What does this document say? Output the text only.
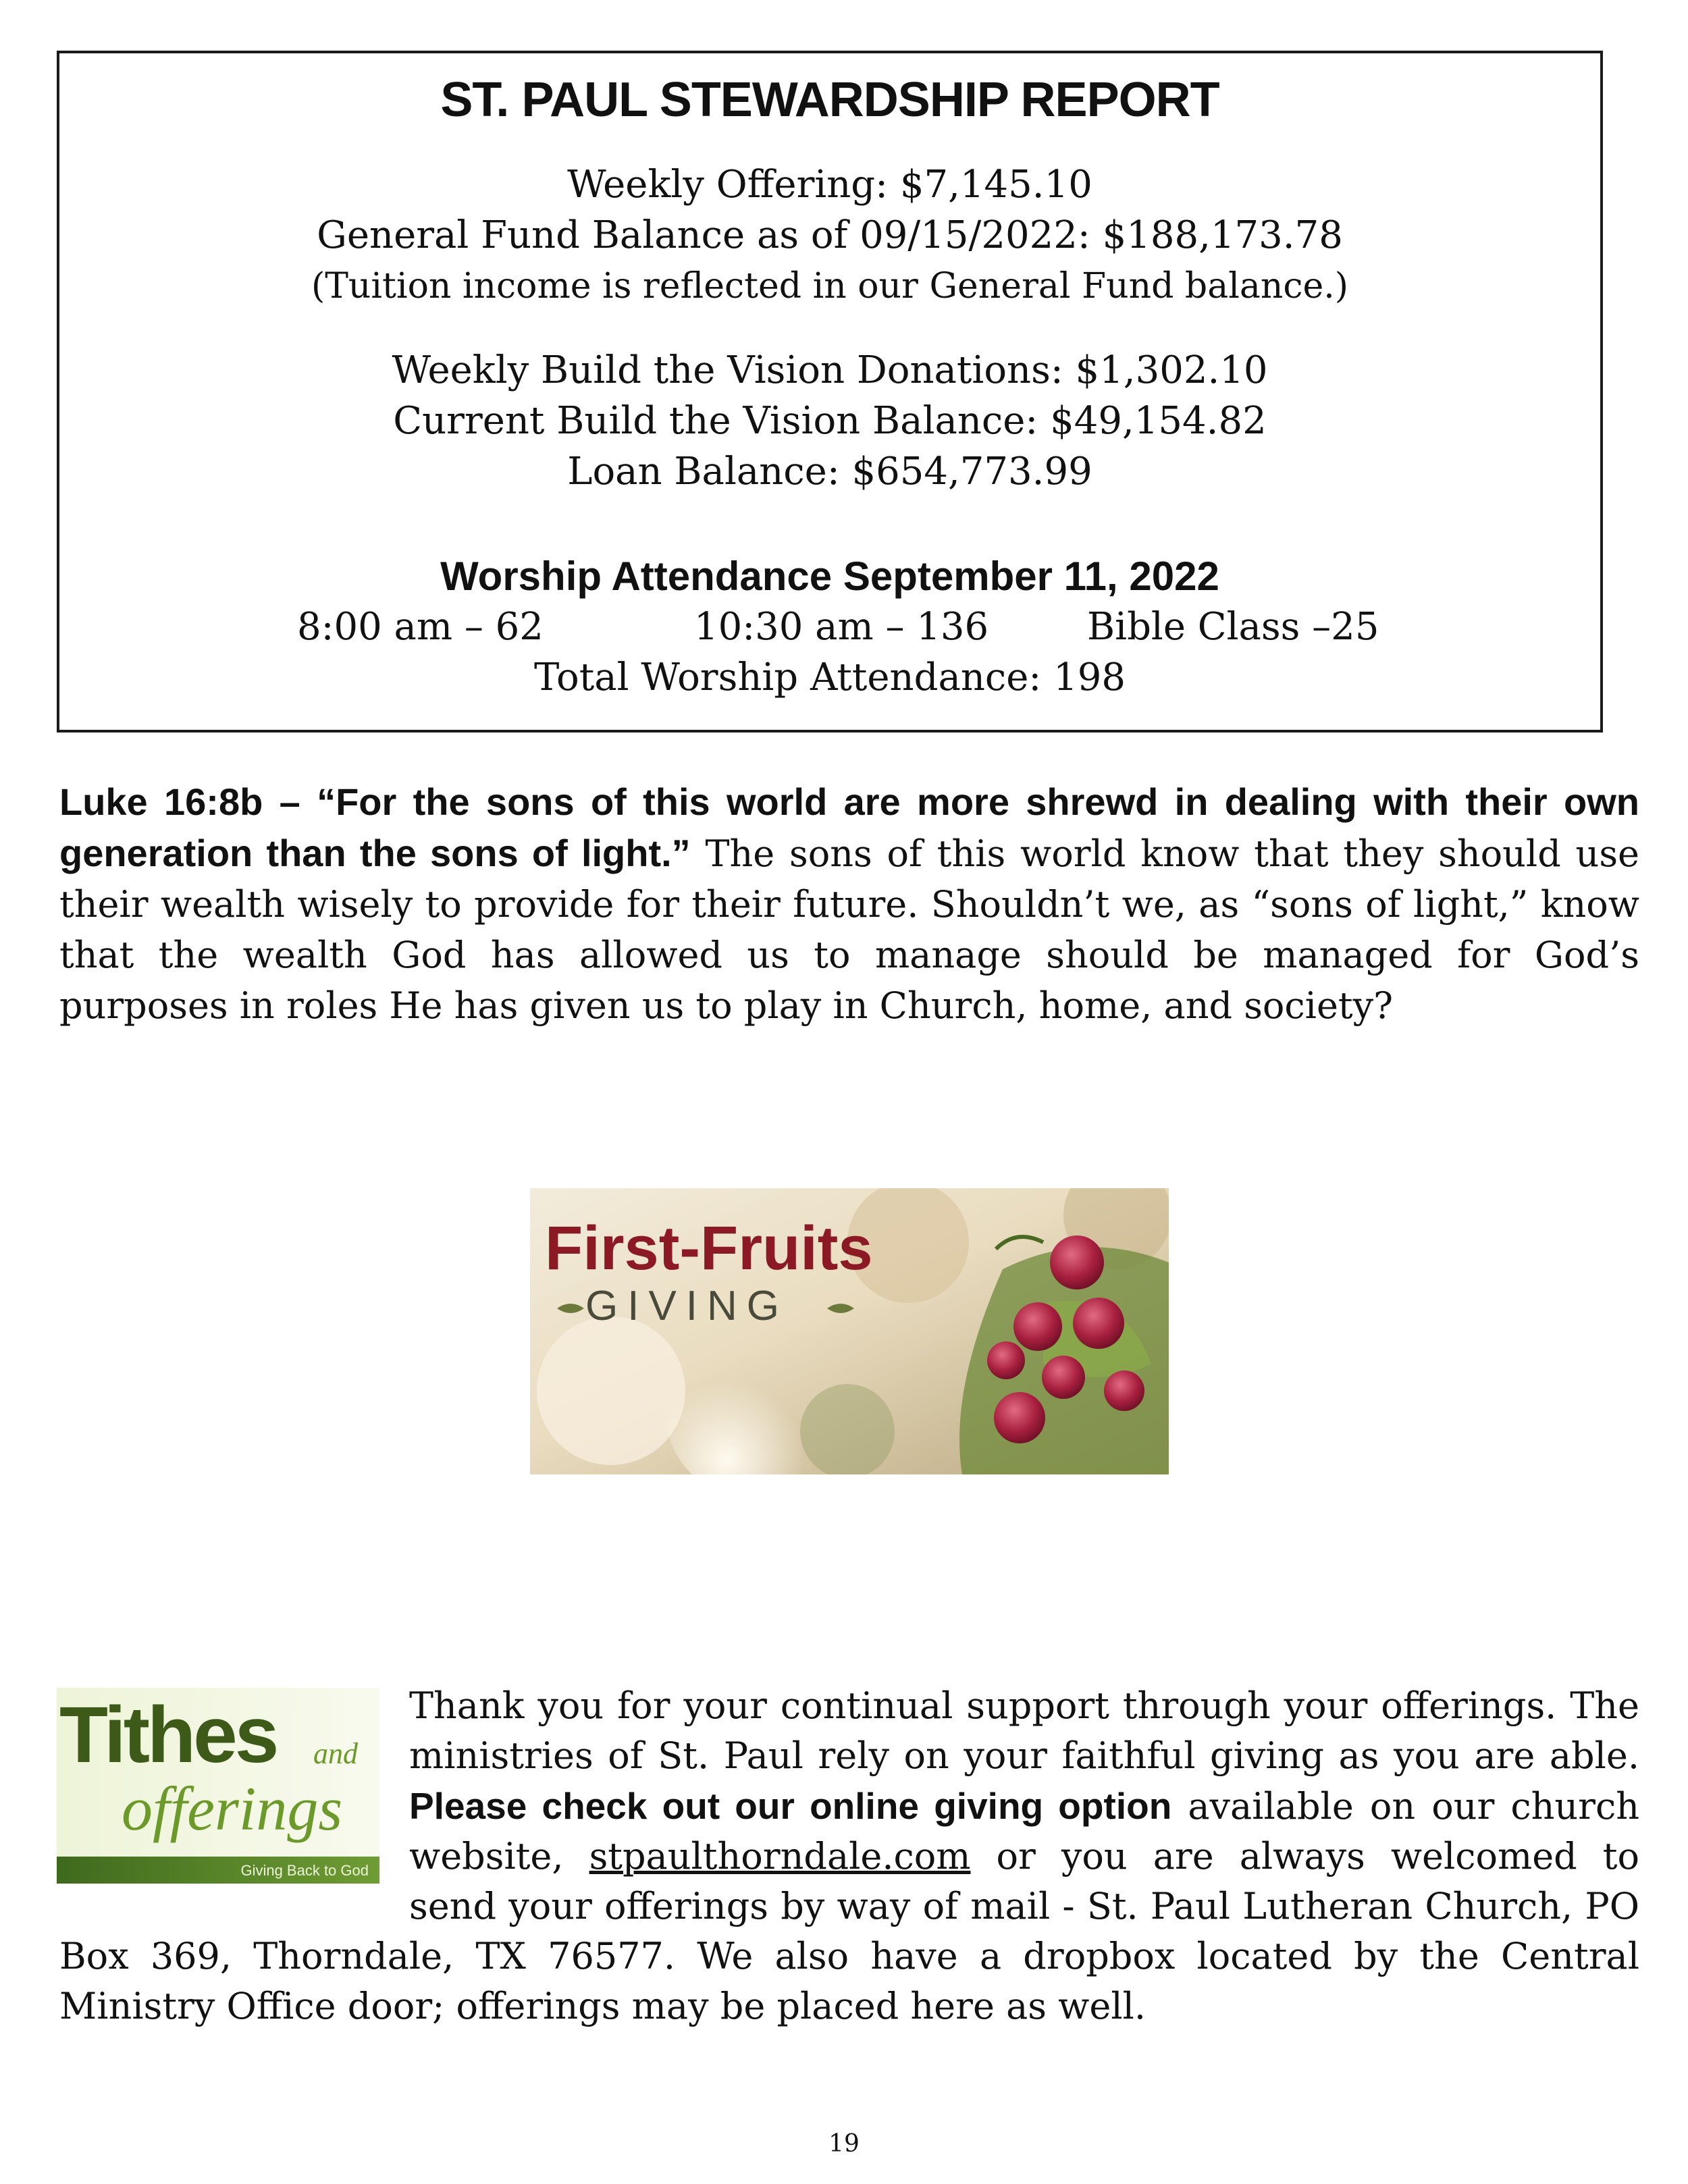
ST. PAUL STEWARDSHIP REPORT
Weekly Offering: $7,145.10
General Fund Balance as of 09/15/2022: $188,173.78
(Tuition income is reflected in our General Fund balance.)
Weekly Build the Vision Donations: $1,302.10
Current Build the Vision Balance: $49,154.82
Loan Balance: $654,773.99
Worship Attendance September 11, 2022
8:00 am – 62	10:30 am – 136	Bible Class –25
Total Worship Attendance: 198
Luke 16:8b – “For the sons of this world are more shrewd in dealing with their own generation than the sons of light.” The sons of this world know that they should use their wealth wisely to provide for their future. Shouldn’t we, as “sons of light,” know that the wealth God has allowed us to manage should be managed for God’s purposes in roles He has given us to play in Church, home, and society?
First-Fruits
GIVING
Tithes and
offerings
Giving Back to God
Thank you for your continual support through your offerings. The ministries of St. Paul rely on your faithful giving as you are able. Please check out our online giving option available on our church website, stpaulthorndale.com or you are always welcomed to send your offerings by way of mail - St. Paul Lutheran Church, PO Box 369, Thorndale, TX 76577. We also have a dropbox located by the Central Ministry Office door; offerings may be placed here as well.
19
